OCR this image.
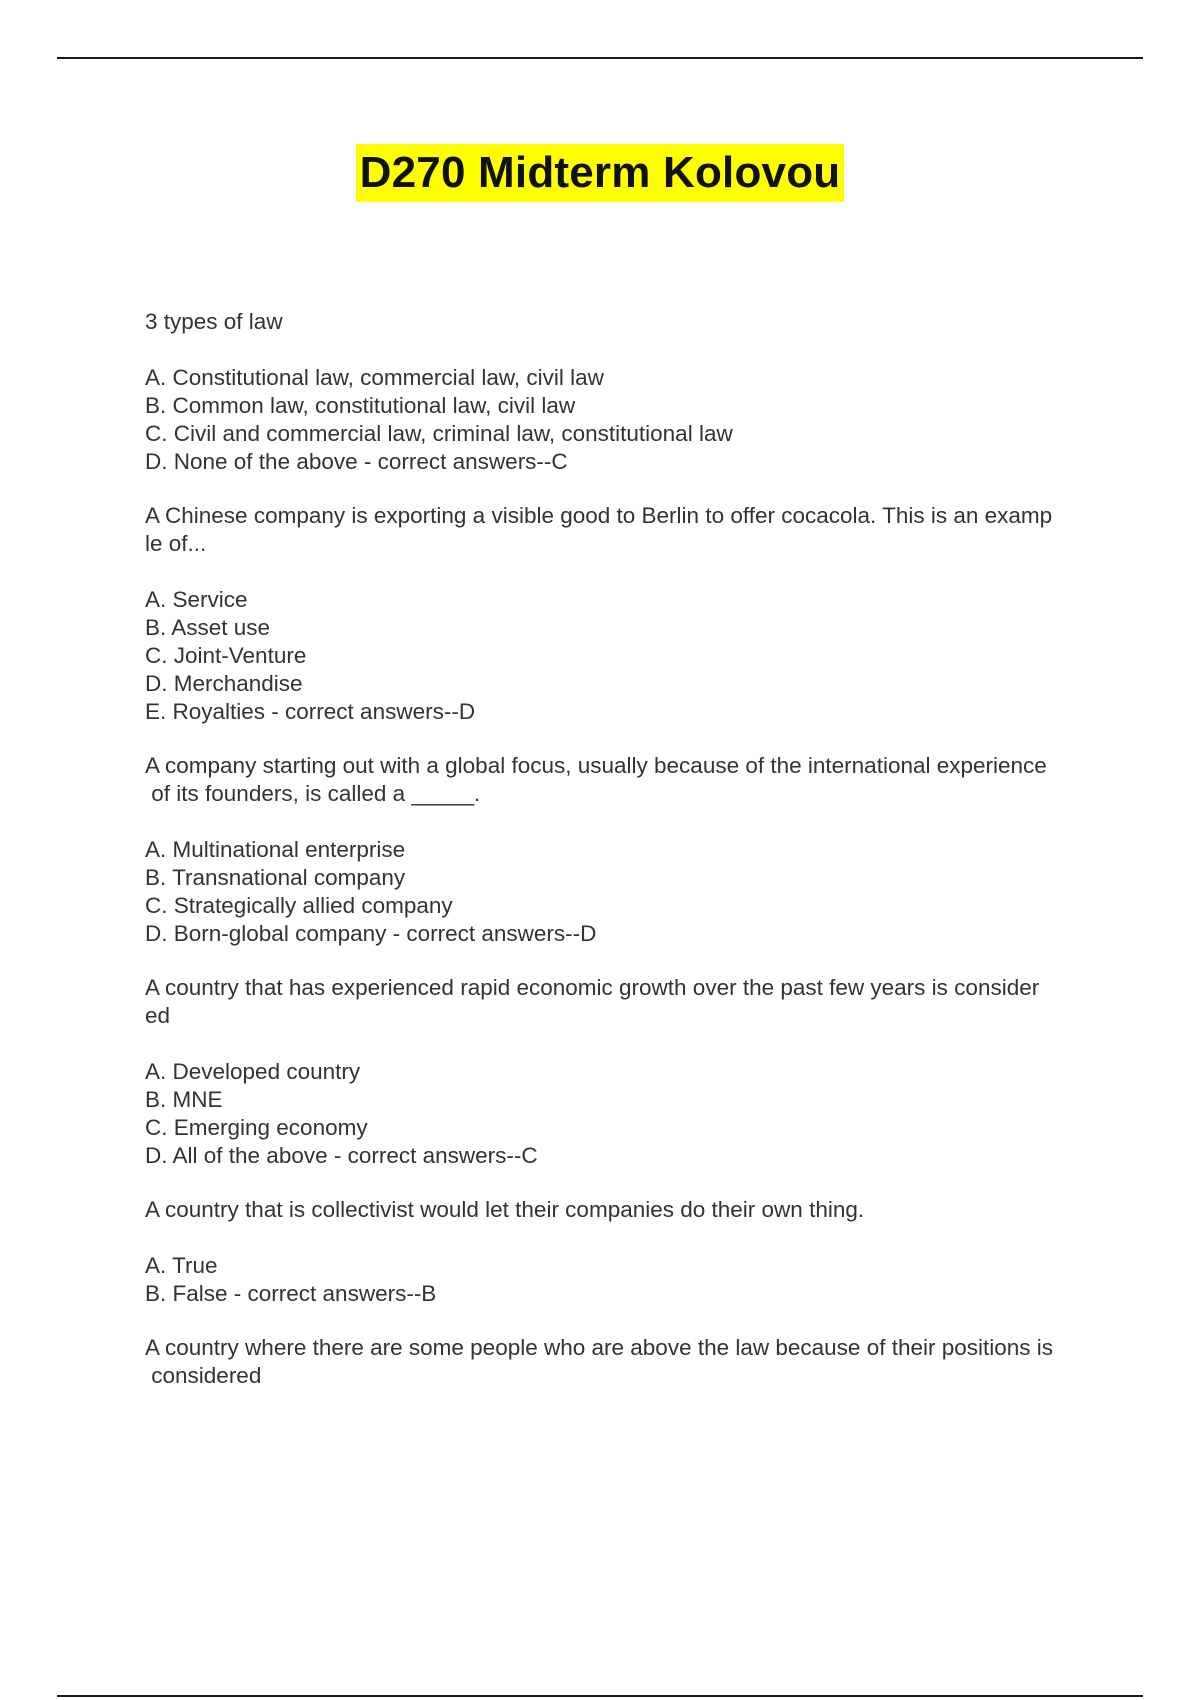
D270 Midterm Kolovou
3 types of law
A. Constitutional law, commercial law, civil law
B. Common law, constitutional law, civil law
C. Civil and commercial law, criminal law, constitutional law
D. None of the above - correct answers--C
A Chinese company is exporting a visible good to Berlin to offer cocacola. This is an examp
le of...
A. Service
B. Asset use
C. Joint-Venture
D. Merchandise
E. Royalties - correct answers--D
A company starting out with a global focus, usually because of the international experience
of its founders, is called a _____.
A. Multinational enterprise
B. Transnational company
C. Strategically allied company
D. Born-global company - correct answers--D
A country that has experienced rapid economic growth over the past few years is consider
ed
A. Developed country
B. MNE
C. Emerging economy
D. All of the above - correct answers--C
A country that is collectivist would let their companies do their own thing.
A. True
B. False - correct answers--B
A country where there are some people who are above the law because of their positions is
considered
